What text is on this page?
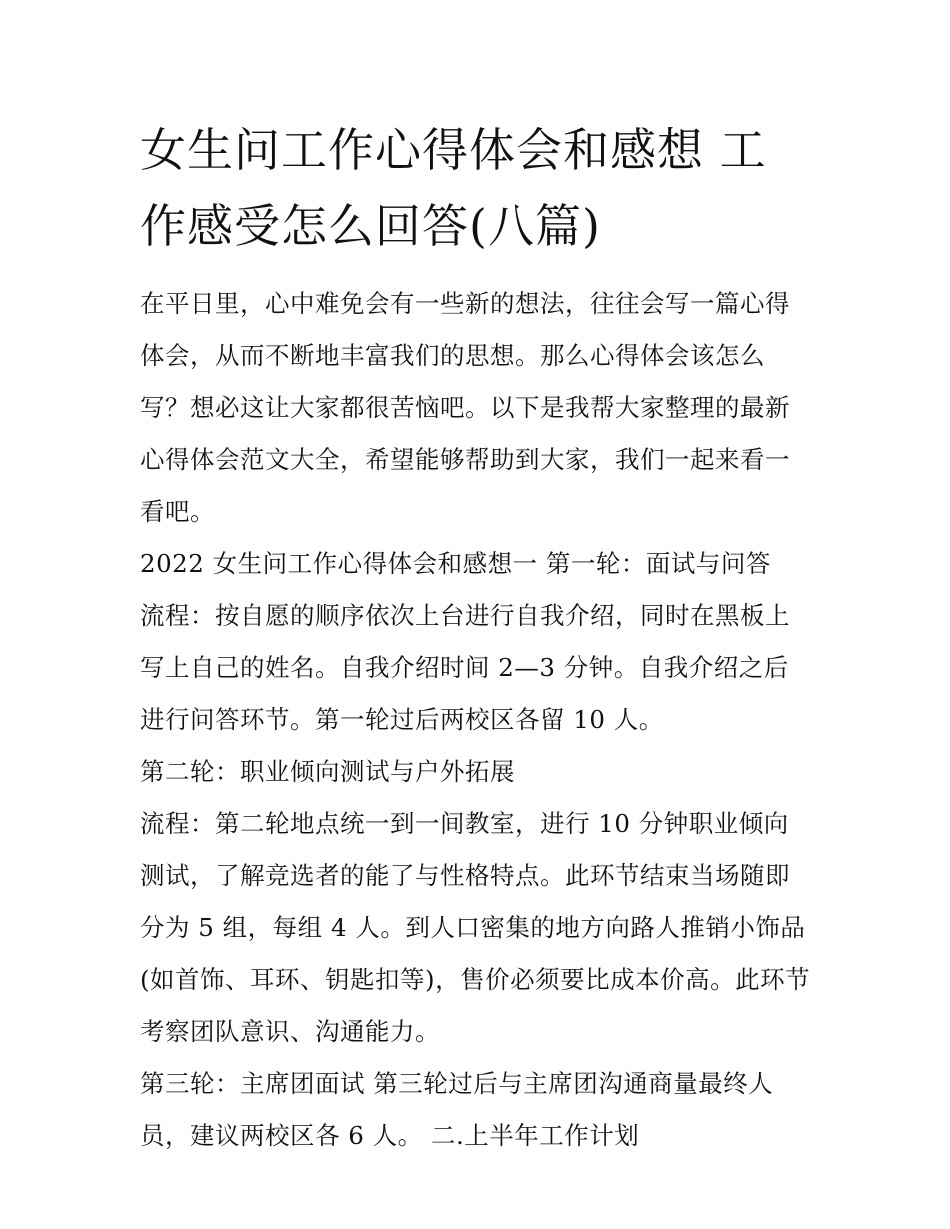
女生问工作心得体会和感想 工作感受怎么回答(八篇)

在平日里，心中难免会有一些新的想法，往往会写一篇心得体会，从而不断地丰富我们的思想。那么心得体会该怎么写？想必这让大家都很苦恼吧。以下是我帮大家整理的最新心得体会范文大全，希望能够帮助到大家，我们一起来看一看吧。

2022 女生问工作心得体会和感想一 第一轮：面试与问答

流程：按自愿的顺序依次上台进行自我介绍，同时在黑板上写上自己的姓名。自我介绍时间 2—3 分钟。自我介绍之后进行问答环节。第一轮过后两校区各留 10 人。

第二轮：职业倾向测试与户外拓展

流程：第二轮地点统一到一间教室，进行 10 分钟职业倾向测试，了解竞选者的能了与性格特点。此环节结束当场随即分为 5 组，每组 4 人。到人口密集的地方向路人推销小饰品(如首饰、耳环、钥匙扣等)，售价必须要比成本价高。此环节考察团队意识、沟通能力。

第三轮：主席团面试 第三轮过后与主席团沟通商量最终人员，建议两校区各 6 人。 二.上半年工作计划
